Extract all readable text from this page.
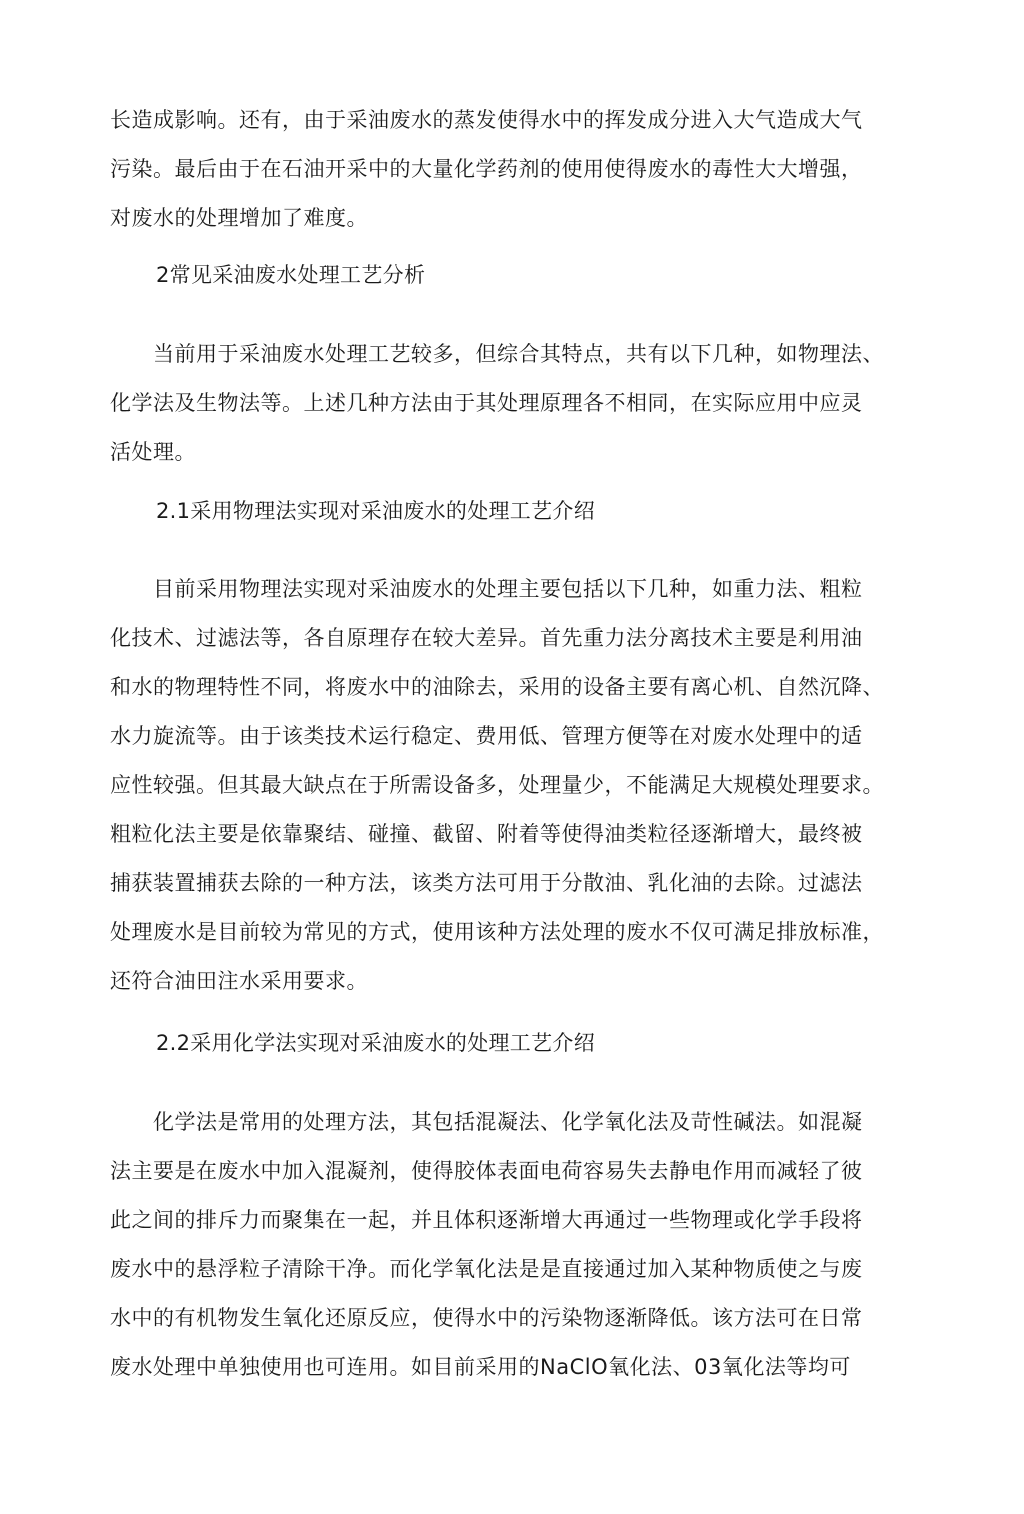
长造成影响。还有，由于采油废水的蒸发使得水中的挥发成分进入大气造成大气
污染。最后由于在石油开采中的大量化学药剂的使用使得废水的毒性大大增强，
对废水的处理增加了难度。
2常见采油废水处理工艺分析
　　当前用于采油废水处理工艺较多，但综合其特点，共有以下几种，如物理法、
化学法及生物法等。上述几种方法由于其处理原理各不相同，在实际应用中应灵
活处理。
2.1采用物理法实现对采油废水的处理工艺介绍
　　目前采用物理法实现对采油废水的处理主要包括以下几种，如重力法、粗粒
化技术、过滤法等，各自原理存在较大差异。首先重力法分离技术主要是利用油
和水的物理特性不同，将废水中的油除去，采用的设备主要有离心机、自然沉降、
水力旋流等。由于该类技术运行稳定、费用低、管理方便等在对废水处理中的适
应性较强。但其最大缺点在于所需设备多，处理量少，不能满足大规模处理要求。
粗粒化法主要是依靠聚结、碰撞、截留、附着等使得油类粒径逐渐增大，最终被
捕获装置捕获去除的一种方法，该类方法可用于分散油、乳化油的去除。过滤法
处理废水是目前较为常见的方式，使用该种方法处理的废水不仅可满足排放标准，
还符合油田注水采用要求。
2.2采用化学法实现对采油废水的处理工艺介绍
　　化学法是常用的处理方法，其包括混凝法、化学氧化法及苛性碱法。如混凝
法主要是在废水中加入混凝剂，使得胶体表面电荷容易失去静电作用而减轻了彼
此之间的排斥力而聚集在一起，并且体积逐渐增大再通过一些物理或化学手段将
废水中的悬浮粒子清除干净。而化学氧化法是是直接通过加入某种物质使之与废
水中的有机物发生氧化还原反应，使得水中的污染物逐渐降低。该方法可在日常
废水处理中单独使用也可连用。如目前采用的NaClO氧化法、03氧化法等均可
